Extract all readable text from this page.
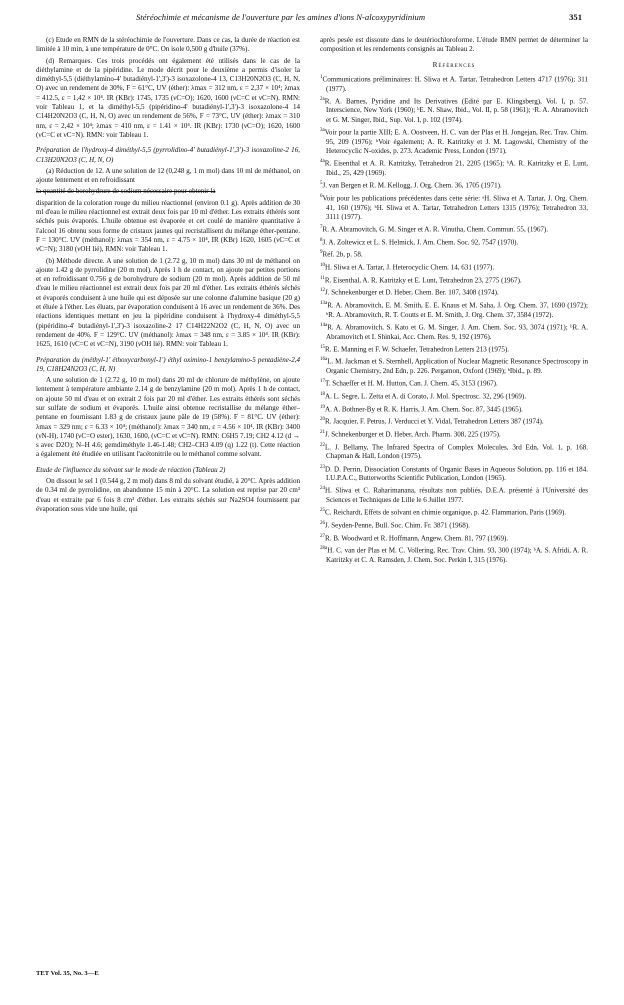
Stéréochimie et mécanisme de l'ouverture par les amines d'ions N-alcoxypyridinium	351

(c) Etude en RMN de la stéréochimie de l'ouverture. Dans ce cas, la durée de réaction est limitée à 10 min, à une température de 0°C. On isole 0,500 g d'huile (37%).

(d) Remarques. Ces trois procédés ont également été utilisés dans le cas de la diéthylamine et de la pipéridine. Le mode décrit pour le deuxième a permis d'isoler la diméthyl-5,5 (diéthylamino-4' butadiényl-1',3')-3 isoxazolone-4 13, C13H20N2O3 (C, H, N, O) avec un rendement de 30%, F = 61°C, UV (éther): λmax = 312 nm, ε = 2,37 × 10⁴; λmax = 412.5, ε = 1,42 × 10⁴. IR (KBr): 1745, 1735 (νC=O); 1620, 1600 (νC=C et νC=N). RMN: voir Tableau 1, et la diméthyl-5,5 (pipéridino-4' butadiényl-1',3')-3 isoxazolone-4 14 C14H20N2O3 (C, H, N, O) avec un rendement de 56%, F = 73°C, UV (éther): λmax = 310 nm, ε = 2,42 × 10⁴; λmax = 410 nm, ε = 1.41 × 10⁴. IR (KBr): 1730 (νC=O); 1620, 1600 (νC=C et νC=N). RMN: voir Tableau 1.

Préparation de l'hydroxy-4 diméthyl-5,5 (pyrrolidino-4' butadiényl-1',3')-3 isoxazoline-2 16, C13H20N2O3 (C, H, N, O)

(a) Réduction de 12. A une solution de 12 (0,248 g, 1 m mol) dans 10 ml de méthanol, on ajoute lentement et en refroidissant

la quantité de borohydrure de sodium nécessaire pour obtenir la

disparition de la coloration rouge du milieu réactionnel (environ 0.1 g). Après addition de 30 ml d'eau le milieu réactionnel est extrait deux fois par 10 ml d'éther. Les extraits éthérés sont séchés puis évaporés. L'huile obtenue est évaporée et cet coulé de manière quantitative à l'alcool 16 obtenu sous forme de cristaux jaunes qui recristallisent du mélange éther-pentane. F = 130°C. UV (méthanol): λmax = 354 nm, ε = 4.75 × 10⁴, IR (KBr) 1620, 1605 (νC=C et νC=N); 3180 (νOH lié), RMN: voir Tableau 1.

(b) Méthode directe. A une solution de 1 (2.72 g, 10 m mol) dans 30 ml de méthanol on ajoute 1.42 g de pyrrolidine (20 m mol). Après 1 h de contact, on ajoute par petites portions et en refroidissant 0.756 g de borohydrure de sodium (20 m mol). Après addition de 50 ml d'eau le milieu réactionnel est extrait deux fois par 20 ml d'éther. Les extraits éthérés séchés et évaporés conduisent à une huile qui est déposée sur une colonne d'alumine basique (20 g) et éluée à l'éther. Les éluats, par évaporation conduisent à 16 avec un rendement de 36%. Des réactions identiques mettant en jeu la pipéridine conduisent à l'hydroxy-4 diméthyl-5,5 (pipéridino-4' butadiényl-1',3')-3 isoxazoline-2 17 C14H22N2O2 (C, H, N, O) avec un rendement de 40%. F = 129°C. UV (méthanol): λmax = 348 nm, ε = 3.85 × 10⁴. IR (KBr): 1625, 1610 (νC=C et νC=N), 3190 (νOH lié). RMN: voir Tableau 1.

Préparation du (méthyl-1' éthoxycarbonyl-1') éthyl oximino-1 benzylamino-5 pentadiène-2,4 19, C18H24N2O3 (C, H, N)

A une solution de 1 (2.72 g, 10 m mol) dans 20 ml de chlorure de méthylène, on ajoute lentement à température ambiante 2.14 g de benzylamine (20 m mol). Après 1 h de contact, on ajoute 50 ml d'eau et on extrait 2 fois par 20 ml d'éther. Les extraits éthérés sont séchés sur sulfate de sodium et évaporés. L'huile ainsi obtenue recristallise du mélange éther–pentane en fournissant 1.83 g de cristaux jaune pâle de 19 (58%). F = 81°C. UV (éther): λmax = 329 nm; ε = 6.33 × 10⁴; (méthanol): λmax = 340 nm, ε = 4.56 × 10⁴. IR (KBr): 3400 (νN-H), 1740 (νC=O ester), 1630, 1600, (νC=C et νC=N). RMN: C6H5 7.19; CH2 4.12 (d → s avec D2O); N–H 4.6; gemdiméthyle 1.46-1.48; CH2–CH3 4.09 (q) 1.22 (t). Cette réaction a également été étudiée en utilisant l'acétonitrile ou le méthanol comme solvant.

Etude de l'influence du solvant sur le mode de réaction (Tableau 2)

On dissout le sel 1 (0.544 g, 2 m mol) dans 8 ml du solvant étudié, à 20°C. Après addition de 0.34 ml de pyrrolidine, on abandonne 15 min à 20°C. La solution est reprise par 20 cm³ d'eau et extraite par 6 fois 8 cm³ d'éther. Les extraits séchés sur Na2SO4 fournissent par évaporation sous vide une huile, qui

après pesée est dissoute dans le deutériochloroforme. L'étude RMN permet de déterminer la composition et les rendements consignés au Tableau 2.

Références
$^1$Communications préliminaires: H. Sliwa et A. Tartar, Tetrahedron Letters 4717 (1976); 311 (1977).
$^{2a}$R. A. Barnes, Pyridine and Its Derivatives (Edité par E. Klingsberg), Vol. I, p. 57. Interscience, New York (1960); ᵇE. N. Shaw, Ibid., Vol. II, p. 58 (1961); ᶜR. A. Abramovitch et G. M. Singer, Ibid., Sup. Vol. I, p. 102 (1974).
$^{3a}$Voir pour la partie XIII; E. A. Oostveen, H. C. van der Plas et H. Jongejan, Rec. Trav. Chim. 95, 209 (1976); ᵇVoir également; A. R. Katritzky et J. M. Lagowski, Chemistry of the Heterocyclic N-oxides, p. 273. Academic Press, London (1971).
$^{4a}$R. Eisenthal et A. R. Katritzky, Tetrahedron 21, 2205 (1965); ᵇA. R. Katritzky et E. Lunt, Ibid., 25, 429 (1969).
$^5$J. van Bergen et R. M. Kellogg, J. Org. Chem. 36, 1705 (1971).
$^6$Voir pour les publications précédentes dans cette série: ᵃH. Sliwa et A. Tartar, J. Org. Chem. 41, 160 (1976); ᵇH. Sliwa et A. Tartar, Tetrahedron Letters 1315 (1976); Tetrahedron 33, 3111 (1977).
$^7$R. A. Abramovitch, G. M. Singer et A. R. Vinutha, Chem. Commun. 55, (1967).
$^8$J. A. Zoltewicz et L. S. Helmick, J. Am. Chem. Soc. 92, 7547 (1970).
$^9$Réf. 2b, p. 58.
$^{10}$H. Sliwa et A. Tartar, J. Heterocyclic Chem. 14, 631 (1977).
$^{11}$R. Eisenthal, A. R. Katritzky et E. Lunt, Tetrahedron 23, 2775 (1967).
$^{12}$J. Schnekenburger et D. Heber, Chem. Ber. 107, 3408 (1974).
$^{13a}$R. A. Abramovitch, E. M. Smith, E. E. Knaus et M. Saha, J. Org. Chem. 37, 1690 (1972); ᵇR. A. Abramovitch, R. T. Coutts et E. M. Smith, J. Org. Chem. 37, 3584 (1972).
$^{14a}$R. A. Abramovitch, S. Kato et G. M. Singer, J. Am. Chem. Soc. 93, 3074 (1971); ᵇR. A. Abramovitch et I. Shinkai, Acc. Chem. Res. 9, 192 (1976).
$^{15}$R. E. Manning et F. W. Schaefer, Tetrahedron Letters 213 (1975).
$^{16a}$L. M. Jackman et S. Sternhell, Application of Nuclear Magnetic Resonance Spectroscopy in Organic Chemistry, 2nd Edn, p. 226. Pergamon, Oxford (1969); ᵇIbid., p. 89.
$^{17}$T. Schaeffer et H. M. Hutton, Can. J. Chem. 45, 3153 (1967).
$^{18}$A. L. Segre, L. Zetta et A. di Corato, J. Mol. Spectrosc. 32, 296 (1969).
$^{19}$A. A. Bothner-By et R. K. Harris, J. Am. Chem. Soc. 87, 3445 (1965).
$^{20}$R. Jacquier, F. Petrus, J. Verducci et Y. Vidal, Tetrahedron Letters 387 (1974).
$^{21}$J. Schnekenburger et D. Heber, Arch. Pharm. 308, 225 (1975).
$^{22}$L. J. Bellamy, The Infrared Spectra of Complex Molecules, 3rd Edn, Vol. 1, p. 168. Chapman & Hall, London (1975).
$^{23}$D. D. Perrin, Dissociation Constants of Organic Bases in Aqueous Solution, pp. 116 et 184. I.U.P.A.C., Butterworths Scientific Publication, London (1965).
$^{24}$H. Sliwa et C. Raharimanana, résultats non publiés, D.E.A. présenté à l'Université des Sciences et Techniques de Lille le 6 Juillet 1977.
$^{25}$C. Reichardt, Effets de solvant en chimie organique, p. 42. Flammarion, Paris (1969).
$^{26}$J. Seyden-Penne, Bull. Soc. Chim. Fr. 3871 (1968).
$^{27}$R. B. Woodward et R. Hoffmann, Angew. Chem. 81, 797 (1969).
$^{28a}$H. C. van der Plas et M. C. Vollering, Rec. Trav. Chim. 93, 300 (1974); ᵇA. S. Afridi, A. R. Katritzky et C. A. Ramsden, J. Chem. Soc. Perkin I, 315 (1976).
TET Vol. 35, No. 3—E
